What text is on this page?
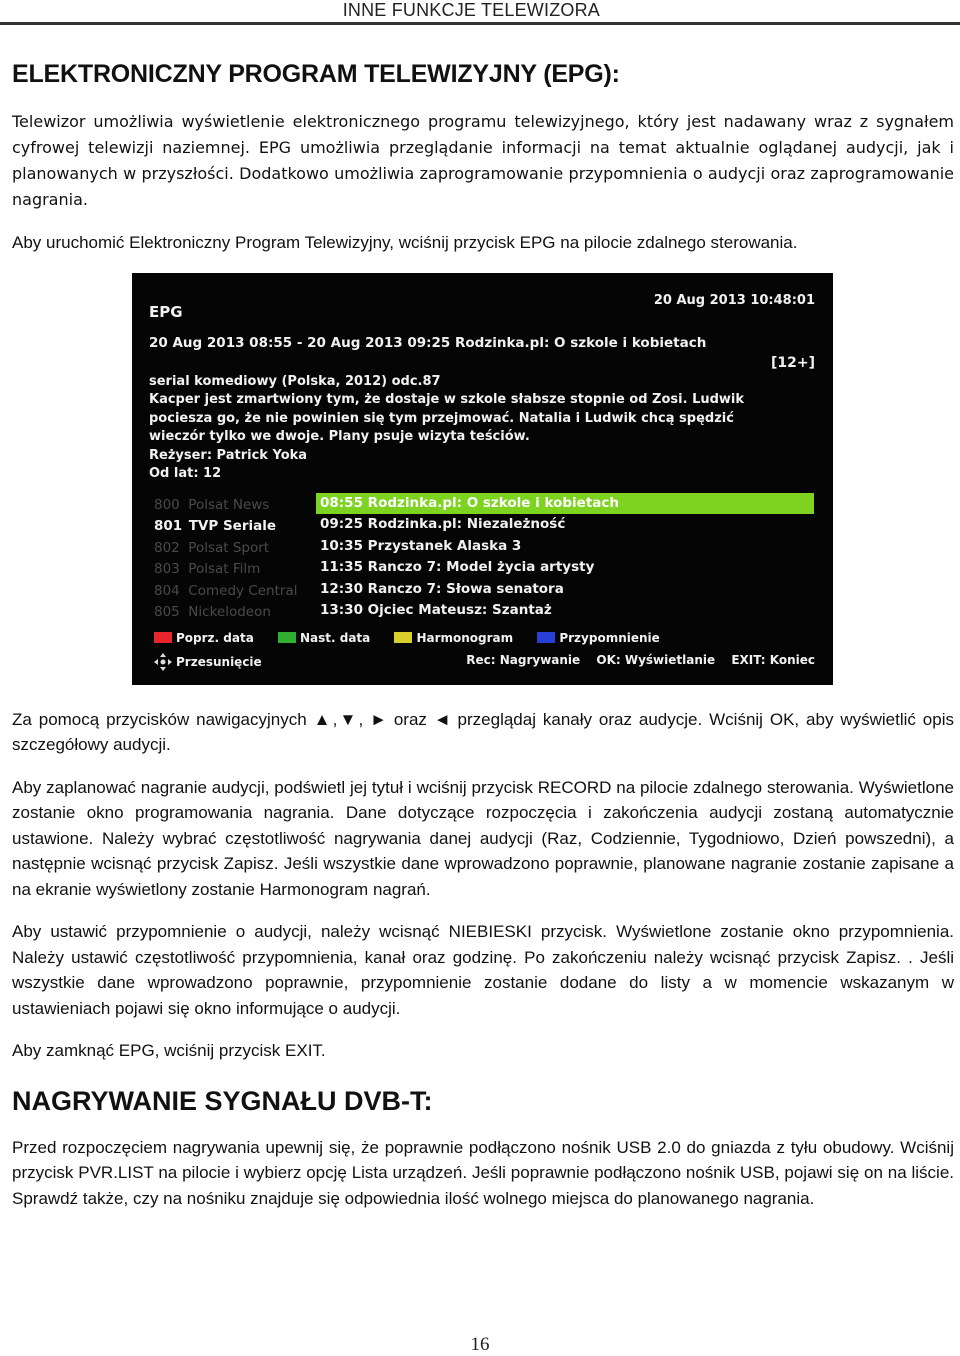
INNE FUNKCJE TELEWIZORA
ELEKTRONICZNY PROGRAM TELEWIZYJNY (EPG):

Telewizor umożliwia wyświetlenie elektronicznego programu telewizyjnego, który jest nadawany wraz z sygnałem cyfrowej telewizji naziemnej. EPG umożliwia przeglądanie informacji na temat aktualnie oglądanej audycji, jak i planowanych w przyszłości. Dodatkowo umożliwia zaprogramowanie przypomnienia o audycji oraz zaprogramowanie nagrania.

Aby uruchomić Elektroniczny Program Telewizyjny, wciśnij przycisk EPG na pilocie zdalnego sterowania.

EPG
20 Aug 2013 10:48:01
20 Aug 2013 08:55 - 20 Aug 2013 09:25 Rodzinka.pl: O szkole i kobietach
[12+]
serial komediowy (Polska, 2012) odc.87
Kacper jest zmartwiony tym, że dostaje w szkole słabsze stopnie od Zosi. Ludwik pociesza go, że nie powinien się tym przejmować. Natalia i Ludwik chcą spędzić wieczór tylko we dwoje. Plany psuje wizyta teściów.
Reżyser: Patrick Yoka
Od lat: 12
800 Polsat News
801 TVP Seriale
802 Polsat Sport
803 Polsat Film
804 Comedy Central
805 Nickelodeon
08:55 Rodzinka.pl: O szkole i kobietach
09:25 Rodzinka.pl: Niezależność
10:35 Przystanek Alaska 3
11:35 Ranczo 7: Model życia artysty
12:30 Ranczo 7: Słowa senatora
13:30 Ojciec Mateusz: Szantaż
Poprz. data
	Nast. data
	Harmonogram
	Przypomnienie
Przesunięcie	Rec: Nagrywanie OK: Wyświetlanie EXIT: Koniec

Za pomocą przycisków nawigacyjnych ▲,▼, ► oraz ◄ przeglądaj kanały oraz audycje. Wciśnij OK, aby wyświetlić opis szczegółowy audycji.

Aby zaplanować nagranie audycji, podświetl jej tytuł i wciśnij przycisk RECORD na pilocie zdalnego sterowania. Wyświetlone zostanie okno programowania nagrania. Dane dotyczące rozpoczęcia i zakończenia audycji zostaną automatycznie ustawione. Należy wybrać częstotliwość nagrywania danej audycji (Raz, Codziennie, Tygodniowo, Dzień powszedni), a następnie wcisnąć przycisk Zapisz. Jeśli wszystkie dane wprowadzono poprawnie, planowane nagranie zostanie zapisane a na ekranie wyświetlony zostanie Harmonogram nagrań.

Aby ustawić przypomnienie o audycji, należy wcisnąć NIEBIESKI przycisk. Wyświetlone zostanie okno przypomnienia. Należy ustawić częstotliwość przypomnienia, kanał oraz godzinę. Po zakończeniu należy wcisnąć przycisk Zapisz. . Jeśli wszystkie dane wprowadzono poprawnie, przypomnienie zostanie dodane do listy a w momencie wskazanym w ustawieniach pojawi się okno informujące o audycji.

Aby zamknąć EPG, wciśnij przycisk EXIT.

NAGRYWANIE SYGNAŁU DVB-T:

Przed rozpoczęciem nagrywania upewnij się, że poprawnie podłączono nośnik USB 2.0 do gniazda z tyłu obudowy. Wciśnij przycisk PVR.LIST na pilocie i wybierz opcję Lista urządzeń. Jeśli poprawnie podłączono nośnik USB, pojawi się on na liście. Sprawdź także, czy na nośniku znajduje się odpowiednia ilość wolnego miejsca do planowanego nagrania.

16
